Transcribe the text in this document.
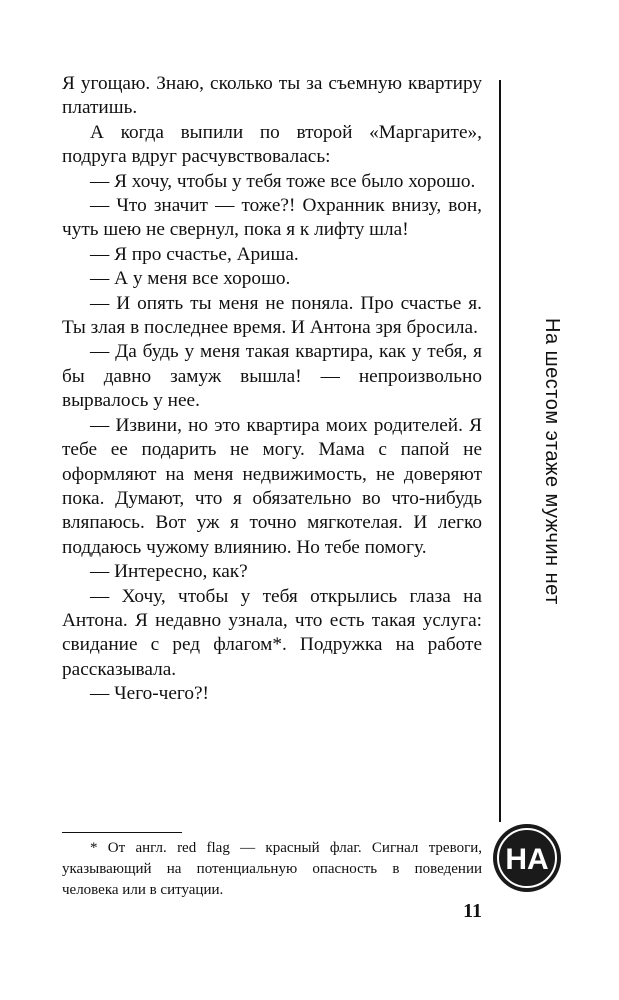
Я угощаю. Знаю, сколько ты за съемную квартиру платишь.

А когда выпили по второй «Маргарите», подруга вдруг расчувствовалась:

— Я хочу, чтобы у тебя тоже все было хорошо.

— Что значит — тоже?! Охранник внизу, вон, чуть шею не свернул, пока я к лифту шла!

— Я про счастье, Ариша.

— А у меня все хорошо.

— И опять ты меня не поняла. Про счастье я. Ты злая в последнее время. И Антона зря бросила.

— Да будь у меня такая квартира, как у тебя, я бы давно замуж вышла! — непроизвольно вырвалось у нее.

— Извини, но это квартира моих родителей. Я тебе ее подарить не могу. Мама с папой не оформляют на меня недвижимость, не доверяют пока. Думают, что я обязательно во что-нибудь вляпаюсь. Вот уж я точно мягкотелая. И легко поддаюсь чужому влиянию. Но тебе помогу.

— Интересно, как?

— Хочу, чтобы у тебя открылись глаза на Антона. Я недавно узнала, что есть такая услуга: свидание с ред флагом*. Подружка на работе рассказывала.

— Чего-чего?!

На шестом этаже мужчин нет

* От англ. red flag — красный флаг. Сигнал тревоги, указывающий на потенциальную опасность в поведении человека или в ситуации.

НА
11
